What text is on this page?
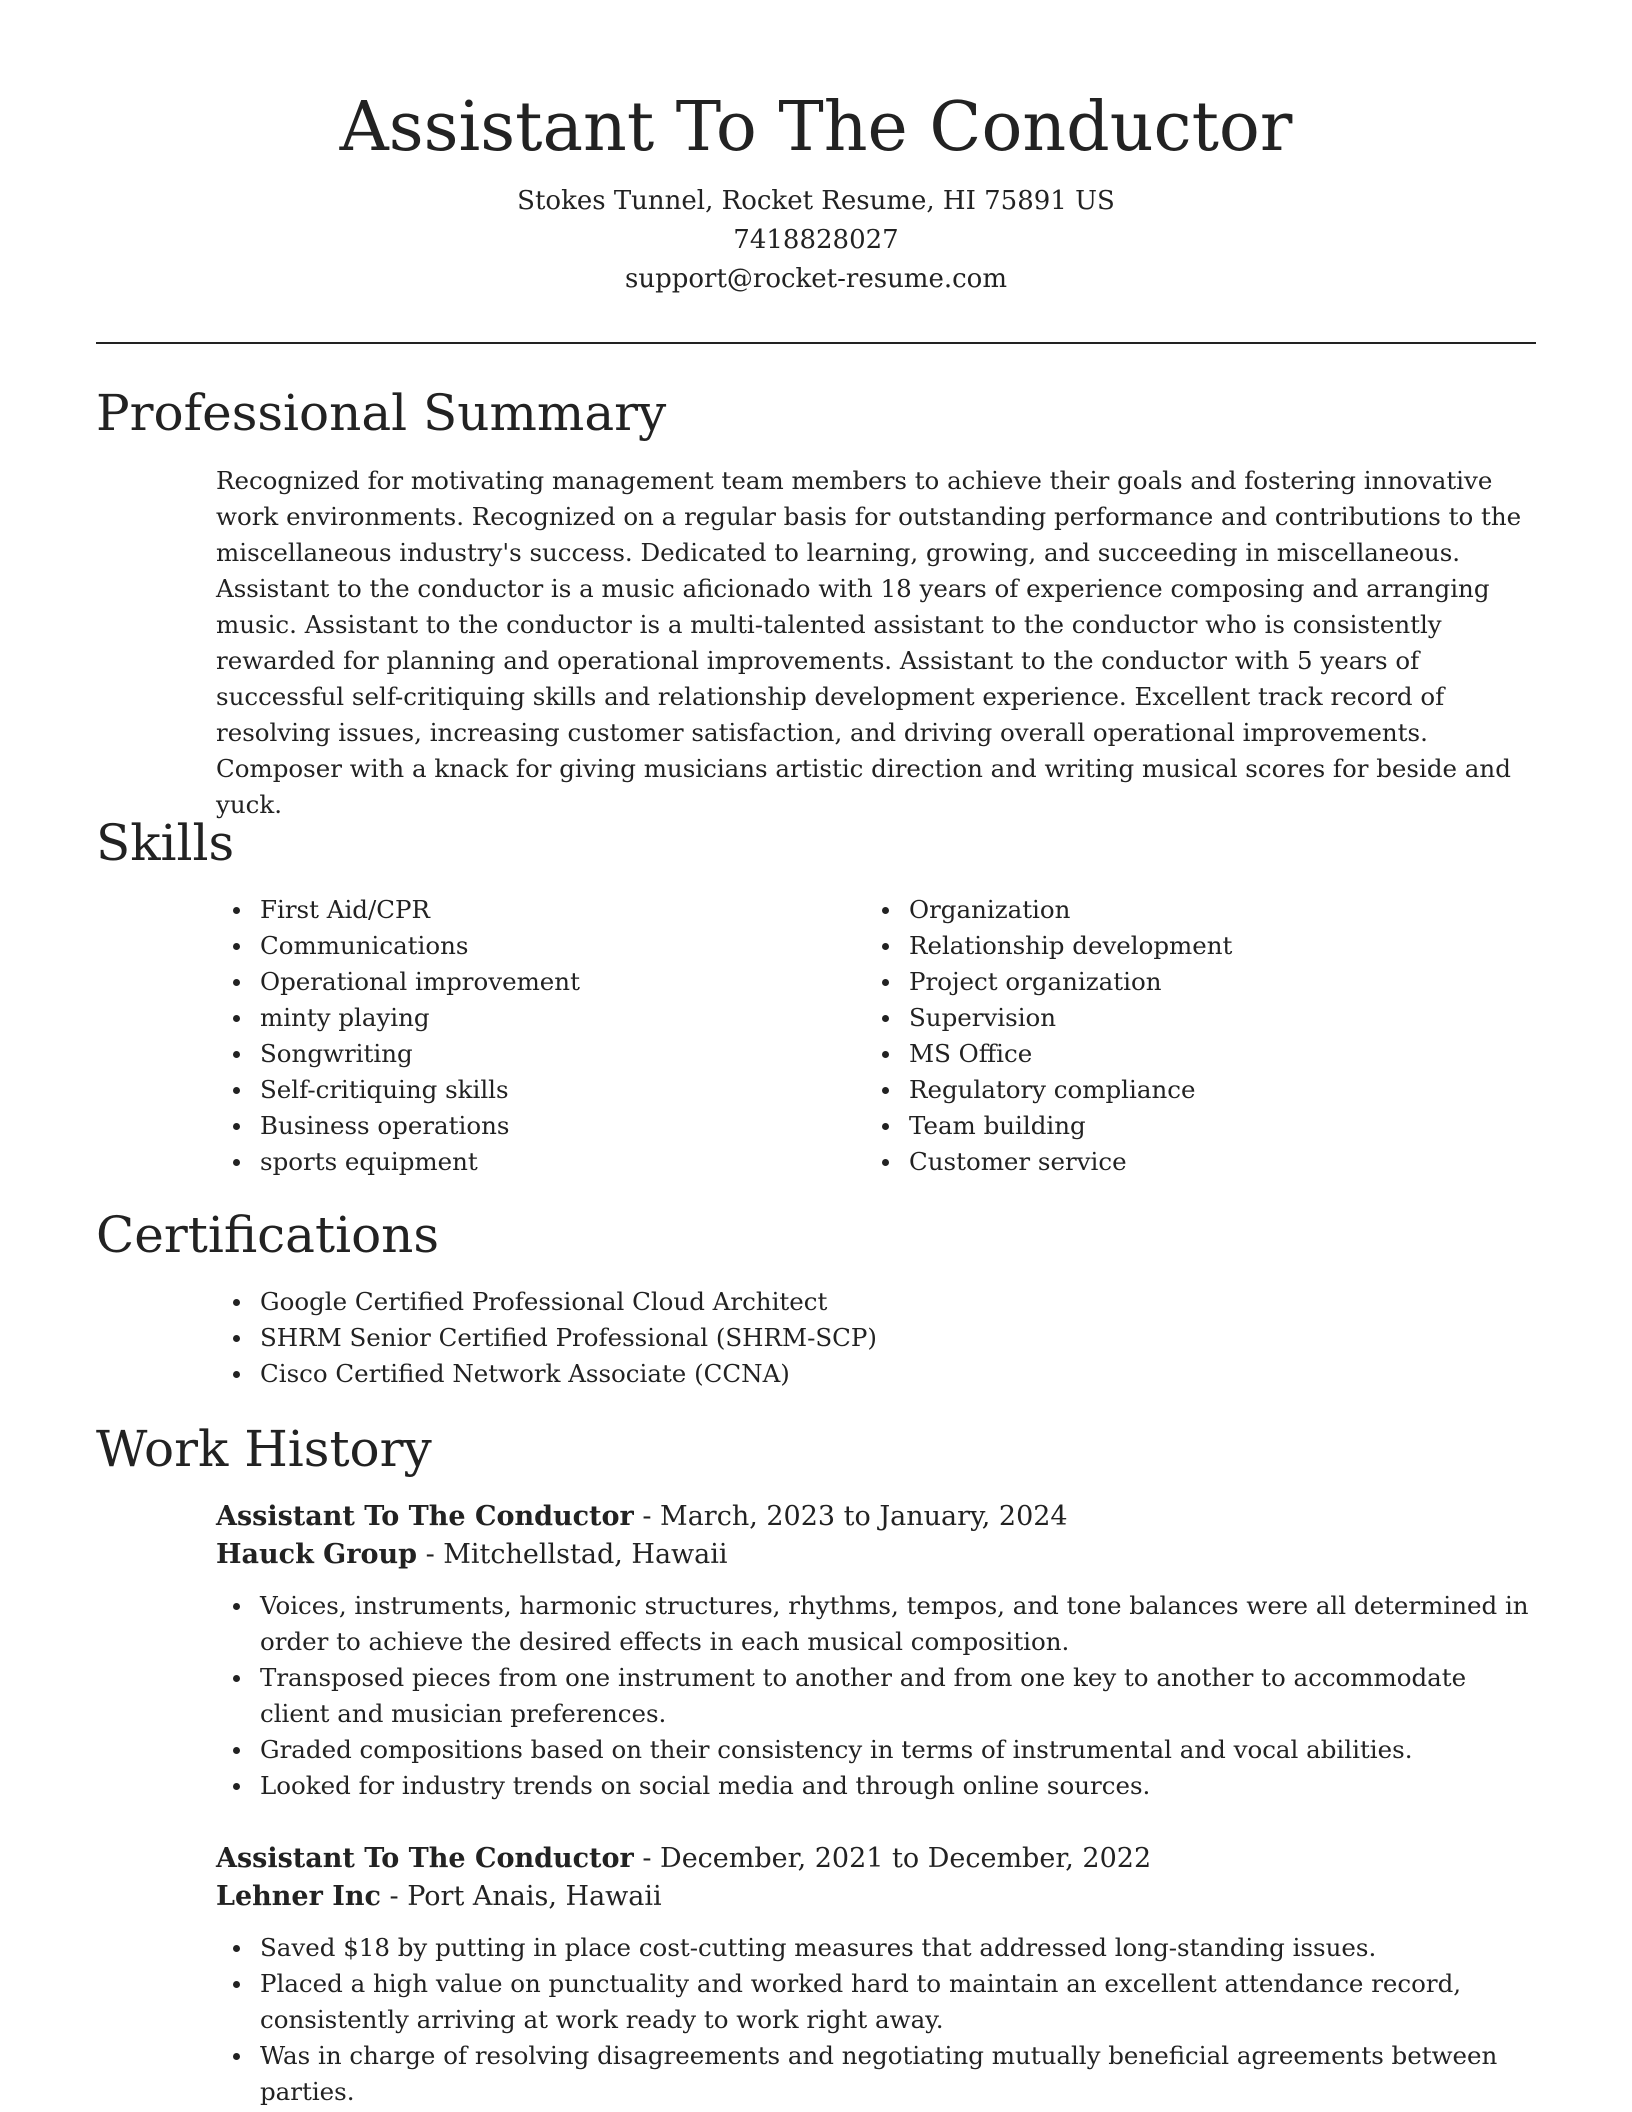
Assistant To The Conductor
Stokes Tunnel, Rocket Resume, HI 75891 US
7418828027
support@rocket-resume.com
Professional Summary

Recognized for motivating management team members to achieve their goals and fostering innovative work environments. Recognized on a regular basis for outstanding performance and contributions to the miscellaneous industry's success. Dedicated to learning, growing, and succeeding in miscellaneous. Assistant to the conductor is a music aficionado with 18 years of experience composing and arranging music. Assistant to the conductor is a multi-talented assistant to the conductor who is consistently rewarded for planning and operational improvements. Assistant to the conductor with 5 years of successful self-critiquing skills and relationship development experience. Excellent track record of resolving issues, increasing customer satisfaction, and driving overall operational improvements. Composer with a knack for giving musicians artistic direction and writing musical scores for beside and yuck.

Skills
First Aid/CPR
Communications
Operational improvement
minty playing
Songwriting
Self-critiquing skills
Business operations
sports equipment
Organization
Relationship development
Project organization
Supervision
MS Office
Regulatory compliance
Team building
Customer service
Certifications
Google Certified Professional Cloud Architect
SHRM Senior Certified Professional (SHRM-SCP)
Cisco Certified Network Associate (CCNA)
Work History
Assistant To The Conductor - March, 2023 to January, 2024
Hauck Group - Mitchellstad, Hawaii
Voices, instruments, harmonic structures, rhythms, tempos, and tone balances were all determined in order to achieve the desired effects in each musical composition.
Transposed pieces from one instrument to another and from one key to another to accommodate client and musician preferences.
Graded compositions based on their consistency in terms of instrumental and vocal abilities.
Looked for industry trends on social media and through online sources.
Assistant To The Conductor - December, 2021 to December, 2022
Lehner Inc - Port Anais, Hawaii
Saved $18 by putting in place cost-cutting measures that addressed long-standing issues.
Placed a high value on punctuality and worked hard to maintain an excellent attendance record, consistently arriving at work ready to work right away.
Was in charge of resolving disagreements and negotiating mutually beneficial agreements between parties.
